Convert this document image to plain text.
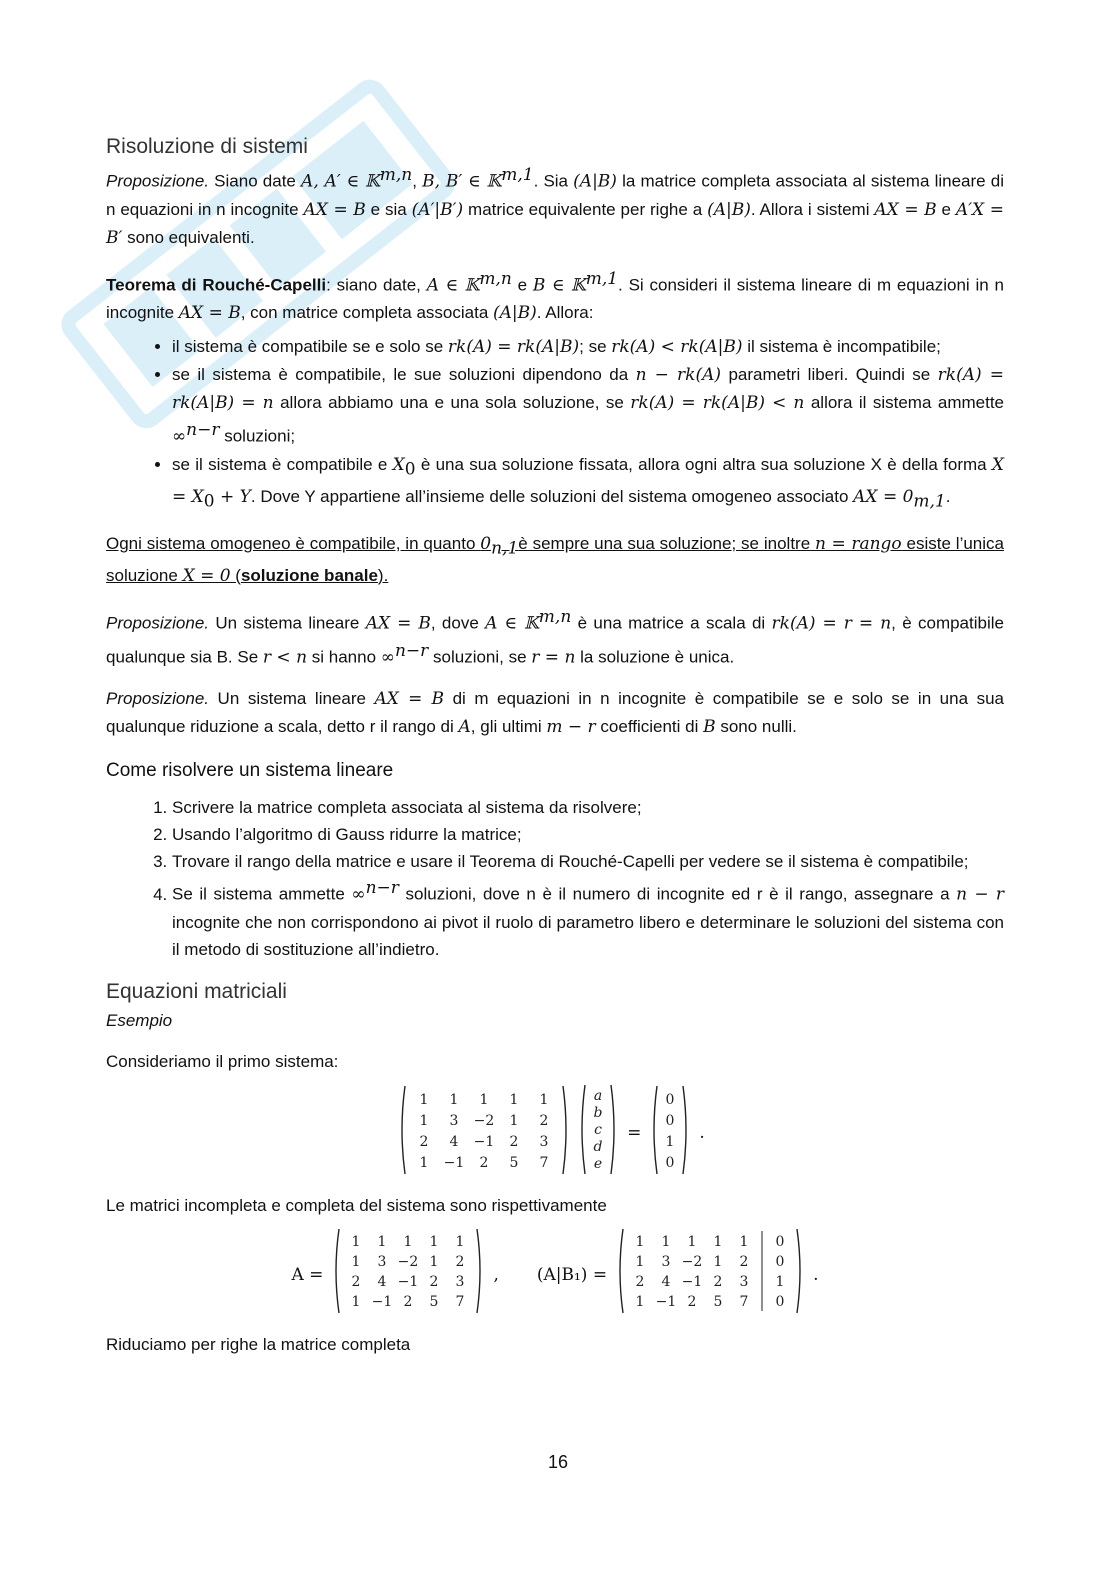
Risoluzione di sistemi

Proposizione. Siano date A, A′ ∈ 𝕂$^{m,n}$, B, B′ ∈ 𝕂$^{m,1}$. Sia (A|B) la matrice completa associata al sistema lineare di n equazioni in n incognite AX = B e sia (A′|B′) matrice equivalente per righe a (A|B). Allora i sistemi AX = B e A′X = B′ sono equivalenti.

Teorema di Rouché-Capelli: siano date, A ∈ 𝕂$^{m,n}$ e B ∈ 𝕂$^{m,1}$. Si consideri il sistema lineare di m equazioni in n incognite AX = B, con matrice completa associata (A|B). Allora:

• il sistema è compatibile se e solo se rk(A) = rk(A|B); se rk(A) < rk(A|B) il sistema è incompatibile;
• se il sistema è compatibile, le sue soluzioni dipendono da n − rk(A) parametri liberi. Quindi se rk(A) = rk(A|B) = n allora abbiamo una e una sola soluzione, se rk(A) = rk(A|B) < n allora il sistema ammette ∞$^{n-r}$ soluzioni;
• se il sistema è compatibile e $X_0$ è una sua soluzione fissata, allora ogni altra sua soluzione X è della forma $X = X_0 + Y$. Dove Y appartiene all’insieme delle soluzioni del sistema omogeneo associato AX = $0_{m,1}$.

Ogni sistema omogeneo è compatibile, in quanto $0_{n,1}è$ sempre una sua soluzione; se inoltre n = rango esiste l’unica soluzione X = 0 (soluzione banale).

Proposizione. Un sistema lineare AX = B, dove A ∈ 𝕂$^{m,n}$ è una matrice a scala di rk(A) = r = n, è compatibile qualunque sia B. Se r < n si hanno ∞$^{n-r}$ soluzioni, se r = n la soluzione è unica.

Proposizione. Un sistema lineare AX = B di m equazioni in n incognite è compatibile se e solo se in una sua qualunque riduzione a scala, detto r il rango di A, gli ultimi m − r coefficienti di B sono nulli.

Come risolvere un sistema lineare
1. Scrivere la matrice completa associata al sistema da risolvere;
2. Usando l’algoritmo di Gauss ridurre la matrice;
3. Trovare il rango della matrice e usare il Teorema di Rouché-Capelli per vedere se il sistema è compatibile;
4. Se il sistema ammette ∞$^{n-r}$ soluzioni, dove n è il numero di incognite ed r è il rango, assegnare a n − r incognite che non corrispondono ai pivot il ruolo di parametro libero e determinare le soluzioni del sistema con il metodo di sostituzione all’indietro.
Equazioni matriciali
Esempio

Consideriamo il primo sistema:

1 1 1 1 1
1 3 −2 1 2
2 4 −1 2 3
1 −1 2 5 7
a
b
c
d
e
=
0
0
1
0
.

Le matrici incompleta e completa del sistema sono rispettivamente

A =
1 1 1 1 1
1 3 −2 1 2
2 4 −1 2 3
1 −1 2 5 7
, (A|B₁) =
1 1 1 1 1 0
1 3 −2 1 2 0
2 4 −1 2 3 1
1 −1 2 5 7 0
.

Riduciamo per righe la matrice completa

16
